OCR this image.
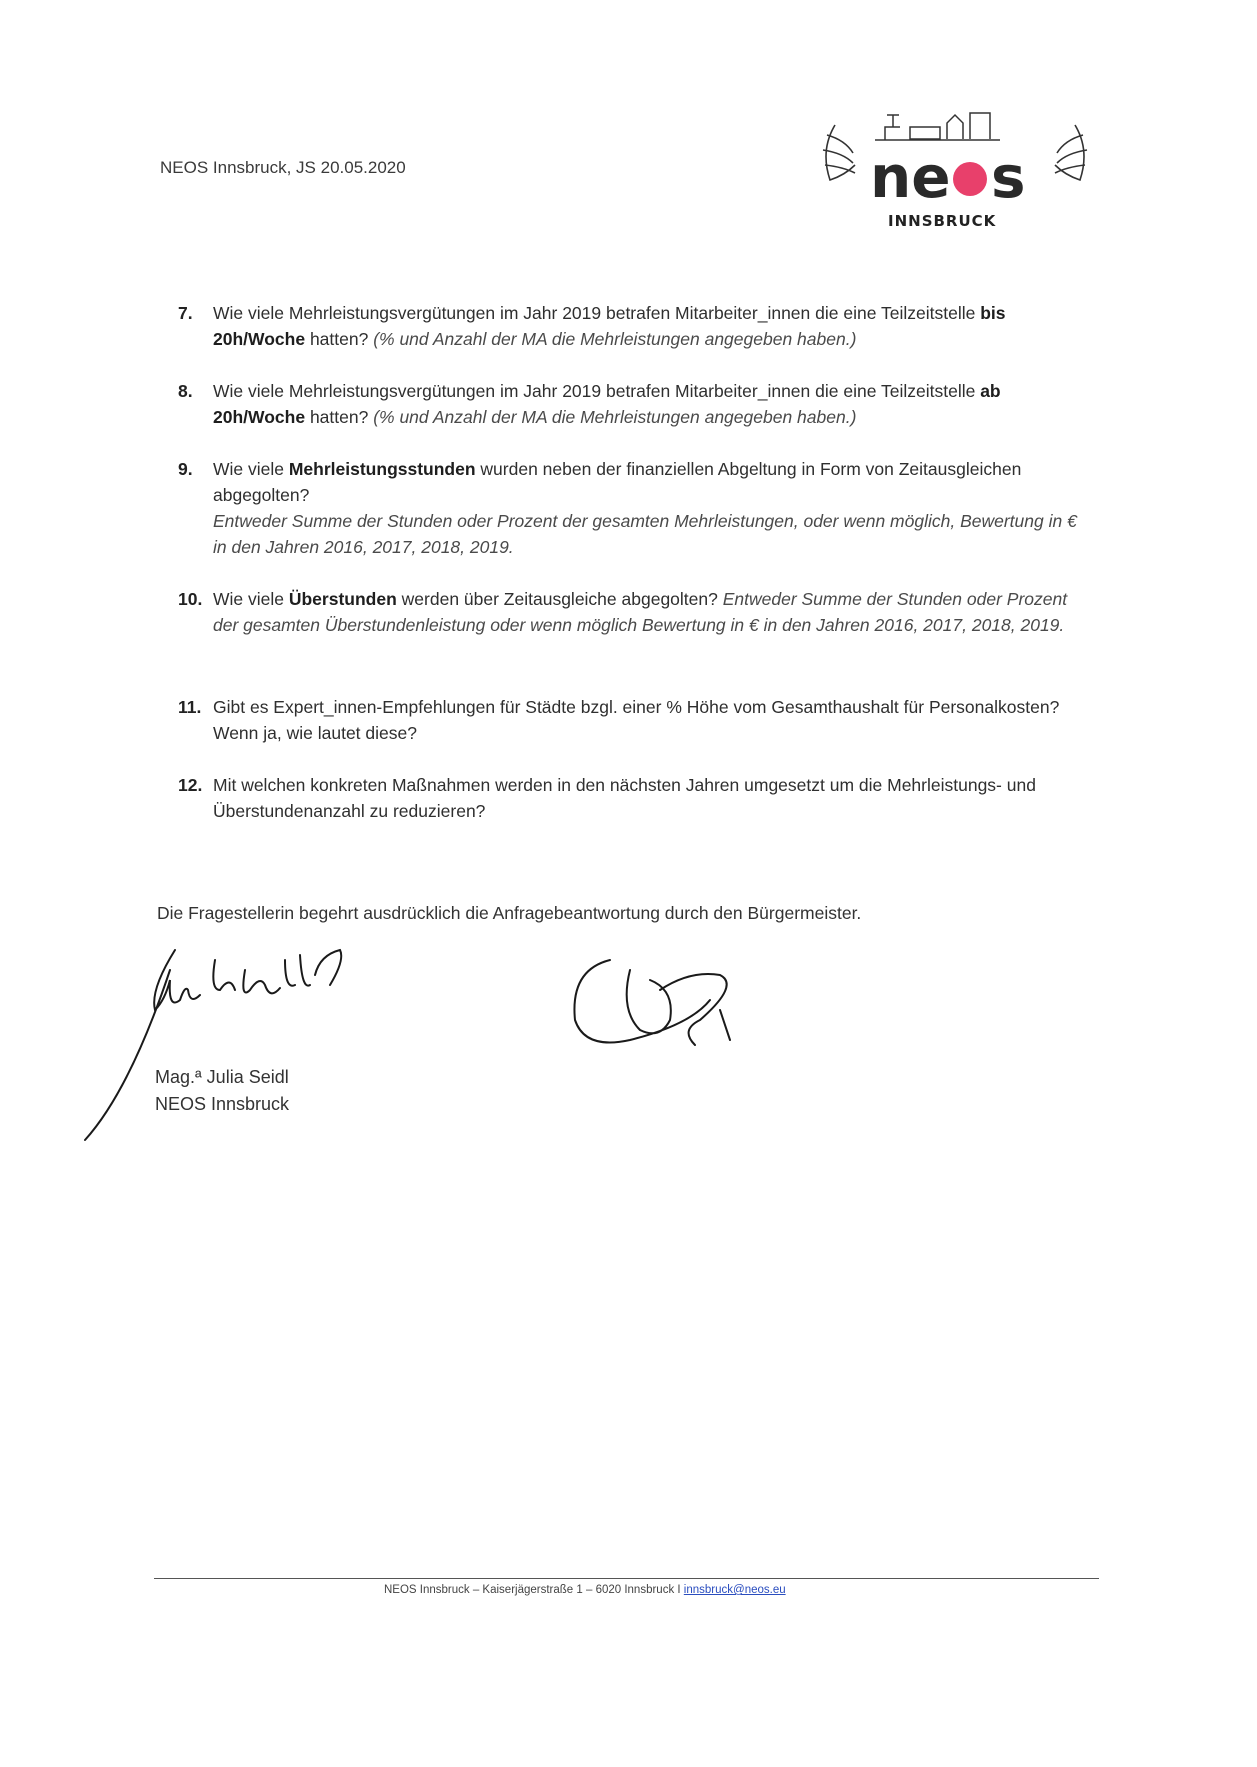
NEOS Innsbruck, JS 20.05.2020	ne s
INNSBRUCK
7.	Wie viele Mehrleistungsvergütungen im Jahr 2019 betrafen Mitarbeiter_innen die eine Teilzeitstelle bis 20h/Woche hatten? (% und Anzahl der MA die Mehrleistungen angegeben haben.)
8.	Wie viele Mehrleistungsvergütungen im Jahr 2019 betrafen Mitarbeiter_innen die eine Teilzeitstelle ab 20h/Woche hatten? (% und Anzahl der MA die Mehrleistungen angegeben haben.)
9.	Wie viele Mehrleistungsstunden wurden neben der finanziellen Abgeltung in Form von Zeitausgleichen abgegolten?
Entweder Summe der Stunden oder Prozent der gesamten Mehrleistungen, oder wenn möglich, Bewertung in € in den Jahren 2016, 2017, 2018, 2019.
10. Wie viele Überstunden werden über Zeitausgleiche abgegolten? Entweder Summe der Stunden oder Prozent der gesamten Überstundenleistung oder wenn möglich Bewertung in € in den Jahren 2016, 2017, 2018, 2019.
11. Gibt es Expert_innen-Empfehlungen für Städte bzgl. einer % Höhe vom Gesamthaushalt für Personalkosten? Wenn ja, wie lautet diese?
12. Mit welchen konkreten Maßnahmen werden in den nächsten Jahren umgesetzt um die Mehrleistungs- und Überstundenanzahl zu reduzieren?
Die Fragestellerin begehrt ausdrücklich die Anfragebeantwortung durch den Bürgermeister.
Mag.ª Julia Seidl
NEOS Innsbruck
NEOS Innsbruck – Kaiserjägerstraße 1 – 6020 Innsbruck I innsbruck@neos.eu
